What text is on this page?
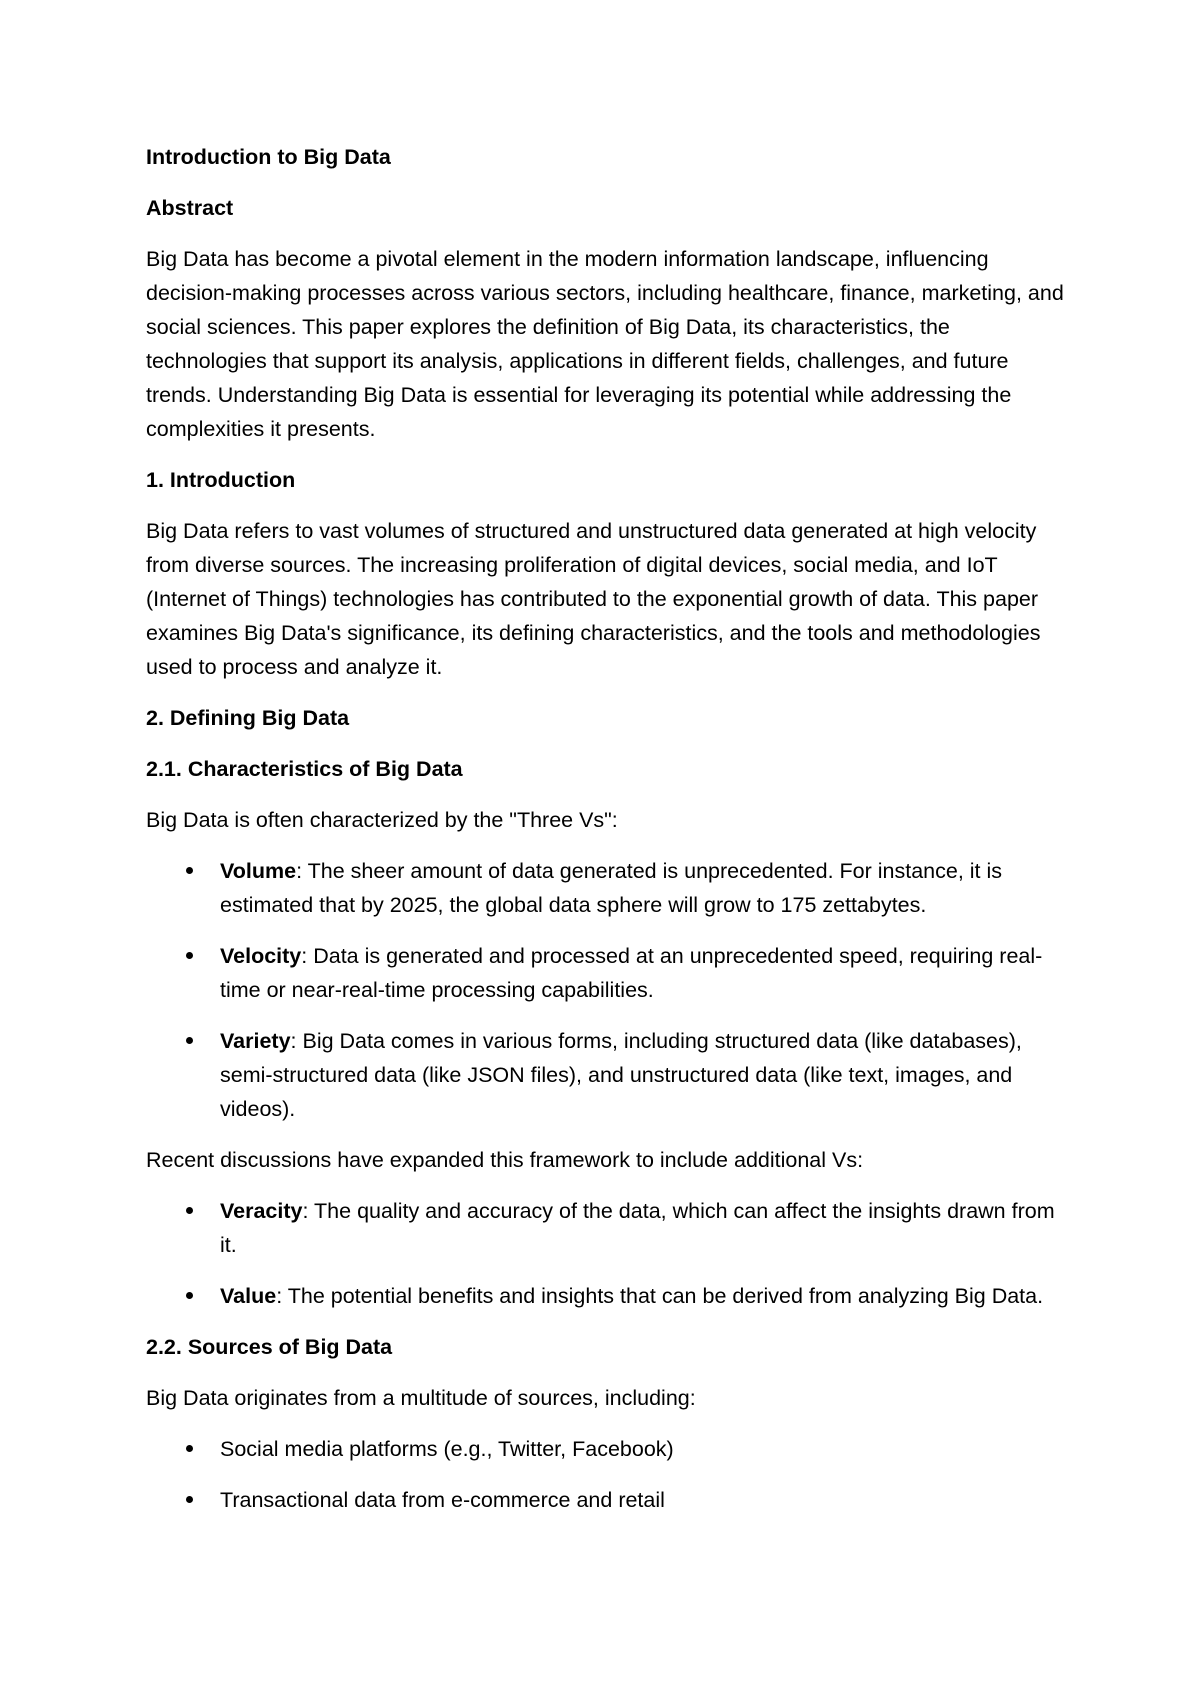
Introduction to Big Data
Abstract

Big Data has become a pivotal element in the modern information landscape, influencing decision-making processes across various sectors, including healthcare, finance, marketing, and social sciences. This paper explores the definition of Big Data, its characteristics, the technologies that support its analysis, applications in different fields, challenges, and future trends. Understanding Big Data is essential for leveraging its potential while addressing the complexities it presents.

1. Introduction

Big Data refers to vast volumes of structured and unstructured data generated at high velocity from diverse sources. The increasing proliferation of digital devices, social media, and IoT (Internet of Things) technologies has contributed to the exponential growth of data. This paper examines Big Data's significance, its defining characteristics, and the tools and methodologies used to process and analyze it.

2. Defining Big Data
2.1. Characteristics of Big Data

Big Data is often characterized by the "Three Vs":

Volume: The sheer amount of data generated is unprecedented. For instance, it is estimated that by 2025, the global data sphere will grow to 175 zettabytes.
Velocity: Data is generated and processed at an unprecedented speed, requiring real-time or near-real-time processing capabilities.
Variety: Big Data comes in various forms, including structured data (like databases), semi-structured data (like JSON files), and unstructured data (like text, images, and videos).

Recent discussions have expanded this framework to include additional Vs:

Veracity: The quality and accuracy of the data, which can affect the insights drawn from it.
Value: The potential benefits and insights that can be derived from analyzing Big Data.
2.2. Sources of Big Data

Big Data originates from a multitude of sources, including:

Social media platforms (e.g., Twitter, Facebook)
Transactional data from e-commerce and retail
